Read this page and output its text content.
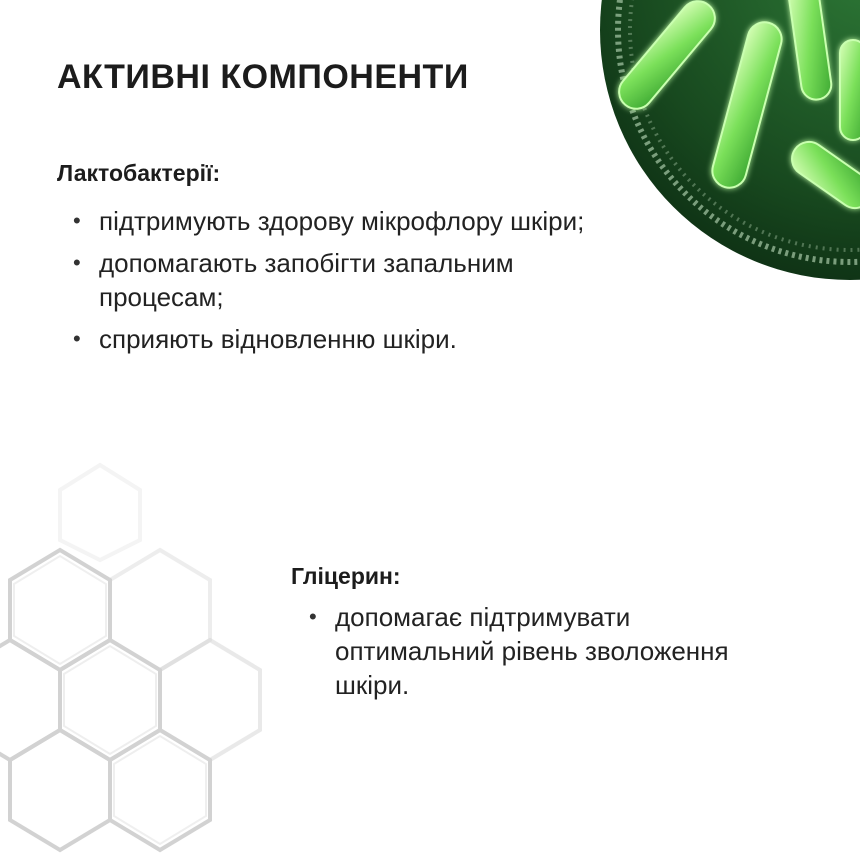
АКТИВНІ КОМПОНЕНТИ
Лактобактерії:
• підтримують здорову мікрофлору шкіри;
• допомагають запобігти запальним процесам;
• сприяють відновленню шкіри.
Гліцерин:
• допомагає підтримувати оптимальний рівень зволоження шкіри.
